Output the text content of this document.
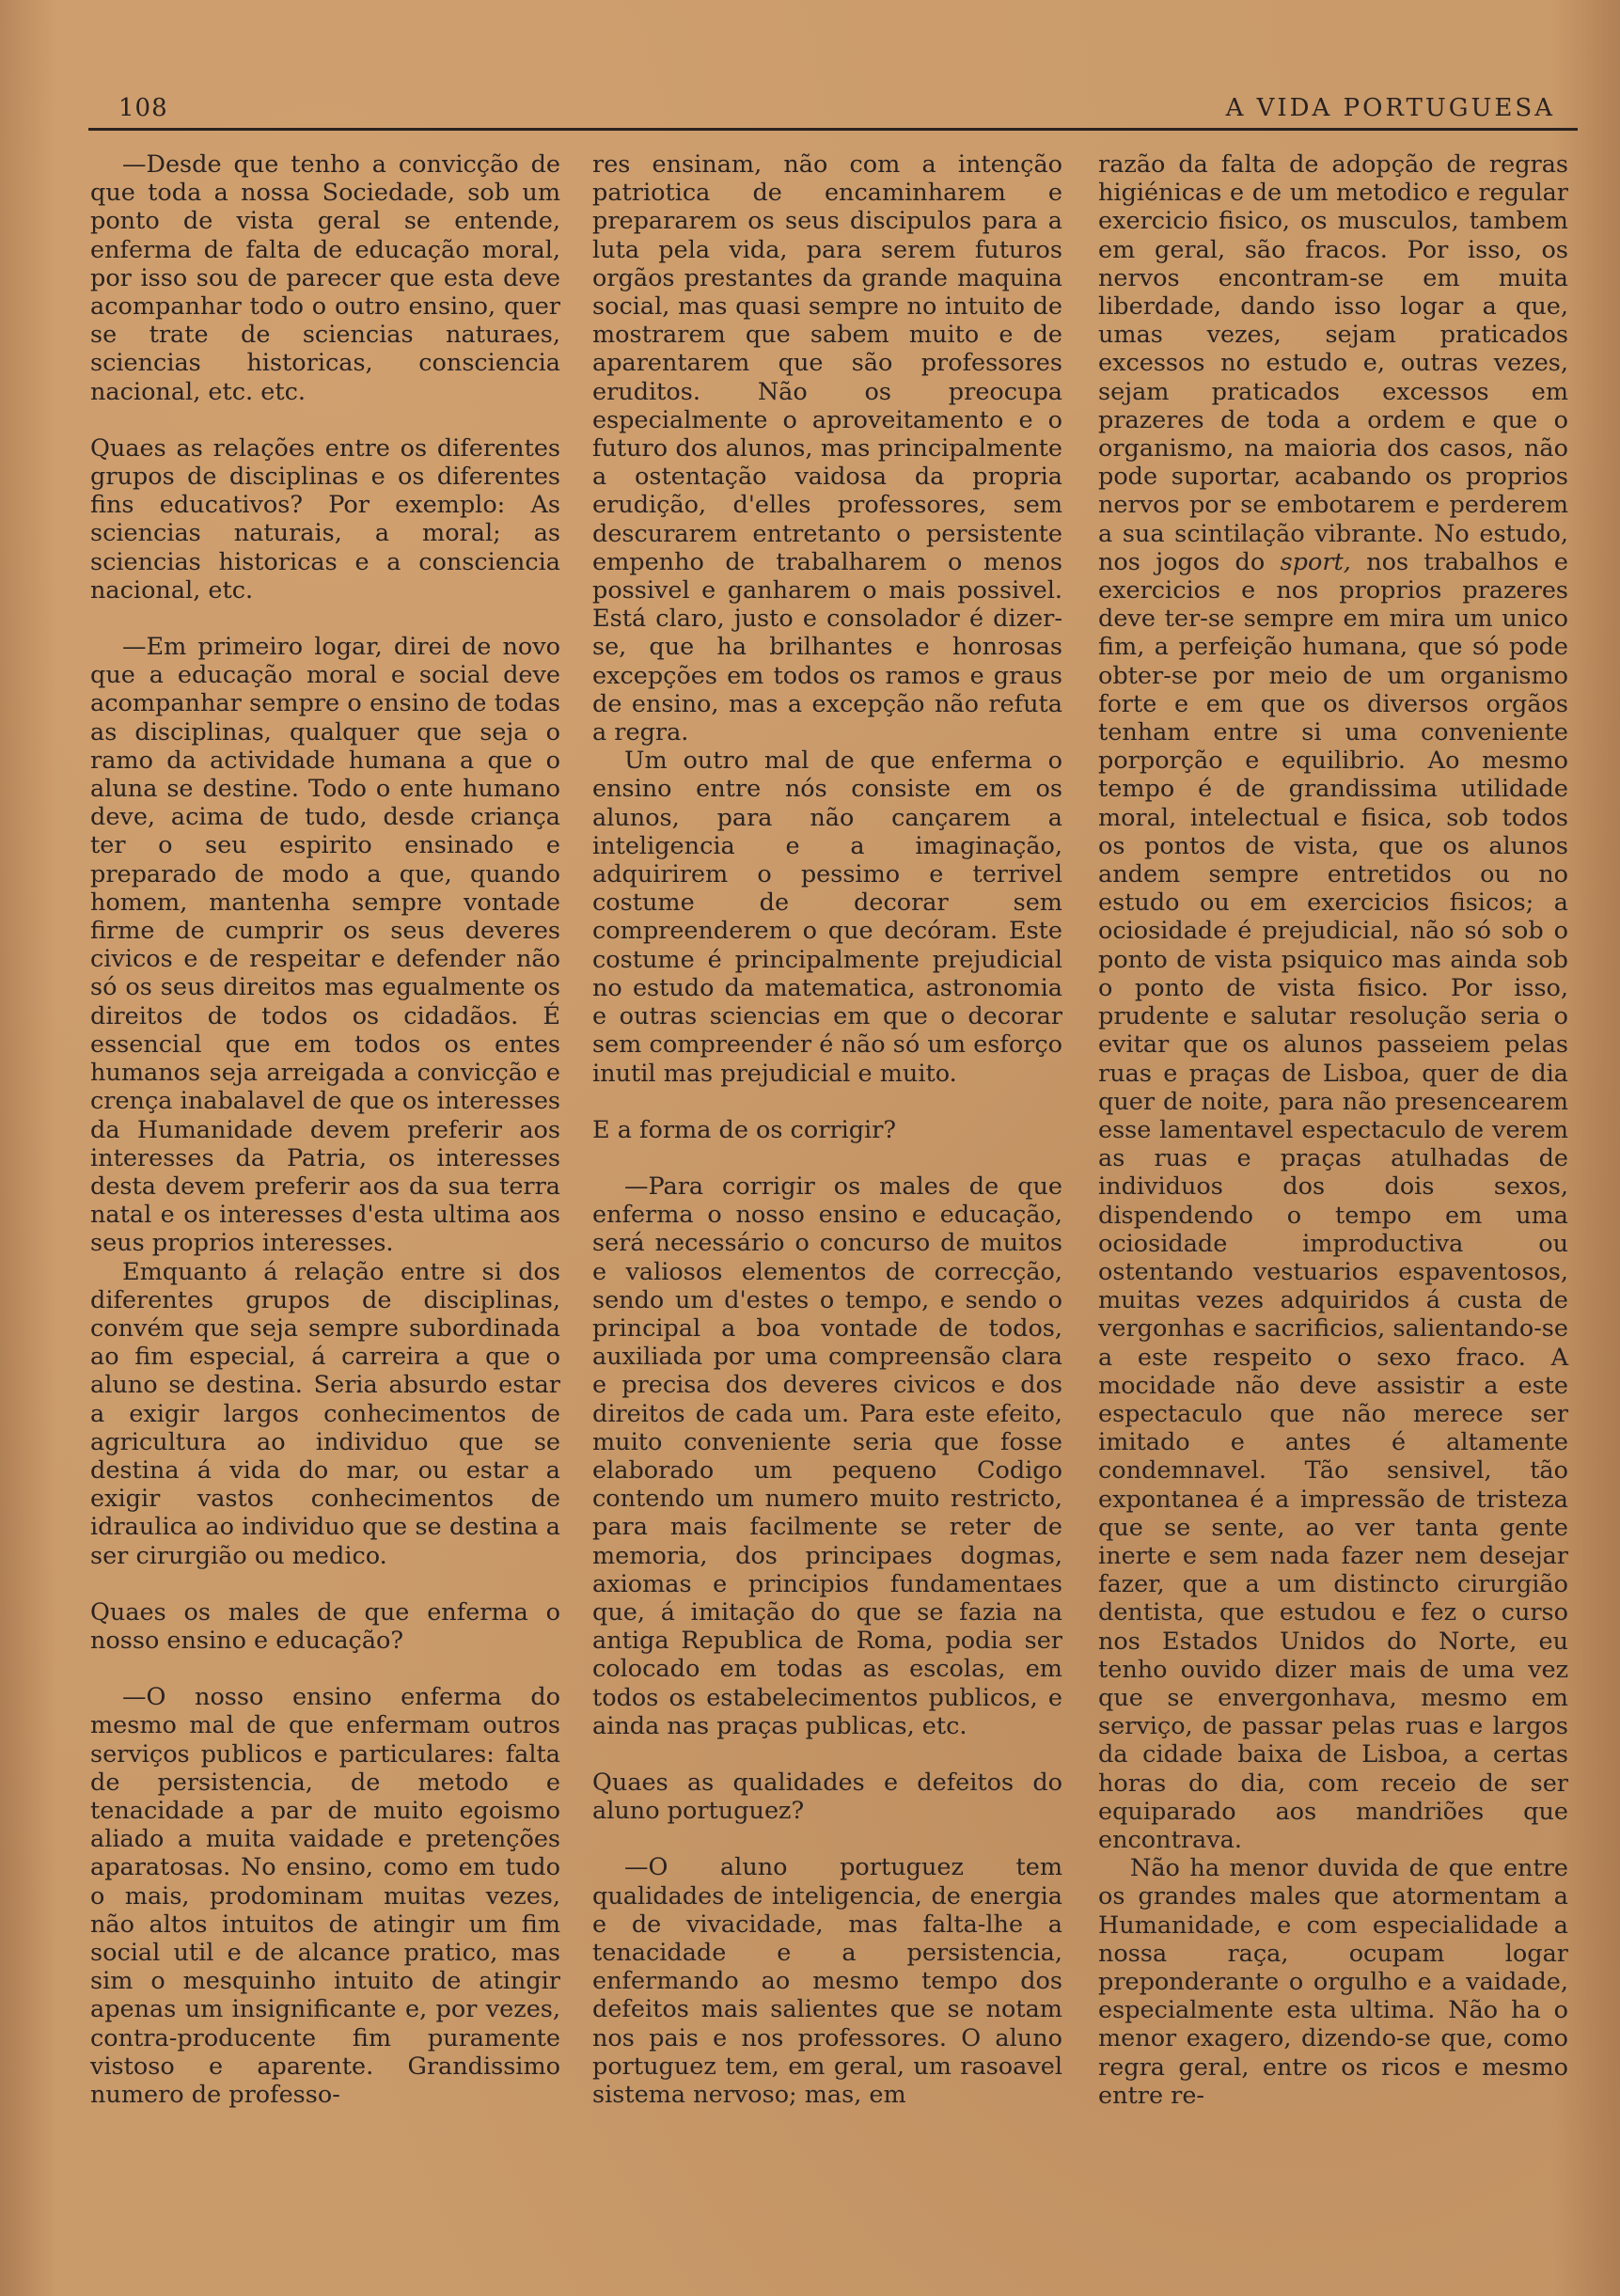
108	A VIDA PORTUGUESA

—Desde que tenho a convicção de que toda a nossa Sociedade, sob um ponto de vista geral se entende, enferma de falta de educação moral, por isso sou de parecer que esta deve acompanhar todo o outro ensino, quer se trate de sciencias naturaes, sciencias historicas, consciencia nacional, etc. etc.

Quaes as relações entre os diferentes grupos de disciplinas e os diferentes fins educativos? Por exemplo: As sciencias naturais, a moral; as sciencias historicas e a consciencia nacional, etc.

—Em primeiro logar, direi de novo que a educação moral e social deve acompanhar sempre o ensino de todas as disciplinas, qualquer que seja o ramo da actividade humana a que o aluna se destine. Todo o ente humano deve, acima de tudo, desde criança ter o seu espirito ensinado e preparado de modo a que, quando homem, mantenha sempre vontade firme de cumprir os seus deveres civicos e de respeitar e defender não só os seus direitos mas egualmente os direitos de todos os cidadãos. É essencial que em todos os entes humanos seja arreigada a convicção e crença inabalavel de que os interesses da Humanidade devem preferir aos interesses da Patria, os interesses desta devem preferir aos da sua terra natal e os interesses d'esta ultima aos seus proprios interesses.

Emquanto á relação entre si dos diferentes grupos de disciplinas, convém que seja sempre subordinada ao fim especial, á carreira a que o aluno se destina. Seria absurdo estar a exigir largos conhecimentos de agricultura ao individuo que se destina á vida do mar, ou estar a exigir vastos conhecimentos de idraulica ao individuo que se destina a ser cirurgião ou medico.

Quaes os males de que enferma o nosso ensino e educação?

—O nosso ensino enferma do mesmo mal de que enfermam outros serviços publicos e particulares: falta de persistencia, de metodo e tenacidade a par de muito egoismo aliado a muita vaidade e pretenções aparatosas. No ensino, como em tudo o mais, prodominam muitas vezes, não altos intuitos de atingir um fim social util e de alcance pratico, mas sim o mesquinho intuito de atingir apenas um insignificante e, por vezes, contra-producente fim puramente vistoso e aparente. Grandissimo numero de professo-

res ensinam, não com a intenção patriotica de encaminharem e prepararem os seus discipulos para a luta pela vida, para serem futuros orgãos prestantes da grande maquina social, mas quasi sempre no intuito de mostrarem que sabem muito e de aparentarem que são professores eruditos. Não os preocupa especialmente o aproveitamento e o futuro dos alunos, mas principalmente a ostentação vaidosa da propria erudição, d'elles professores, sem descurarem entretanto o persistente empenho de trabalharem o menos possivel e ganharem o mais possivel. Está claro, justo e consolador é dizer-se, que ha brilhantes e honrosas excepções em todos os ramos e graus de ensino, mas a excepção não refuta a regra.

Um outro mal de que enferma o ensino entre nós consiste em os alunos, para não cançarem a inteligencia e a imaginação, adquirirem o pessimo e terrivel costume de decorar sem compreenderem o que decóram. Este costume é principalmente prejudicial no estudo da matematica, astronomia e outras sciencias em que o decorar sem compreender é não só um esforço inutil mas prejudicial e muito.

E a forma de os corrigir?

—Para corrigir os males de que enferma o nosso ensino e educação, será necessário o concurso de muitos e valiosos elementos de correcção, sendo um d'estes o tempo, e sendo o principal a boa vontade de todos, auxiliada por uma compreensão clara e precisa dos deveres civicos e dos direitos de cada um. Para este efeito, muito conveniente seria que fosse elaborado um pequeno Codigo contendo um numero muito restricto, para mais facilmente se reter de memoria, dos principaes dogmas, axiomas e principios fundamentaes que, á imitação do que se fazia na antiga Republica de Roma, podia ser colocado em todas as escolas, em todos os estabelecimentos publicos, e ainda nas praças publicas, etc.

Quaes as qualidades e defeitos do aluno portuguez?

—O aluno portuguez tem qualidades de inteligencia, de energia e de vivacidade, mas falta-lhe a tenacidade e a persistencia, enfermando ao mesmo tempo dos defeitos mais salientes que se notam nos pais e nos professores. O aluno portuguez tem, em geral, um rasoavel sistema nervoso; mas, em

razão da falta de adopção de regras higiénicas e de um metodico e regular exercicio fisico, os musculos, tambem em geral, são fracos. Por isso, os nervos encontram-se em muita liberdade, dando isso logar a que, umas vezes, sejam praticados excessos no estudo e, outras vezes, sejam praticados excessos em prazeres de toda a ordem e que o organismo, na maioria dos casos, não pode suportar, acabando os proprios nervos por se embotarem e perderem a sua scintilação vibrante. No estudo, nos jogos do sport, nos trabalhos e exercicios e nos proprios prazeres deve ter-se sempre em mira um unico fim, a perfeição humana, que só pode obter-se por meio de um organismo forte e em que os diversos orgãos tenham entre si uma conveniente porporção e equilibrio. Ao mesmo tempo é de grandissima utilidade moral, intelectual e fisica, sob todos os pontos de vista, que os alunos andem sempre entretidos ou no estudo ou em exercicios fisicos; a ociosidade é prejudicial, não só sob o ponto de vista psiquico mas ainda sob o ponto de vista fisico. Por isso, prudente e salutar resolução seria o evitar que os alunos passeiem pelas ruas e praças de Lisboa, quer de dia quer de noite, para não presencearem esse lamentavel espectaculo de verem as ruas e praças atulhadas de individuos dos dois sexos, dispendendo o tempo em uma ociosidade improductiva ou ostentando vestuarios espaventosos, muitas vezes adquiridos á custa de vergonhas e sacrificios, salientando-se a este respeito o sexo fraco. A mocidade não deve assistir a este espectaculo que não merece ser imitado e antes é altamente condemnavel. Tão sensivel, tão expontanea é a impressão de tristeza que se sente, ao ver tanta gente inerte e sem nada fazer nem desejar fazer, que a um distincto cirurgião dentista, que estudou e fez o curso nos Estados Unidos do Norte, eu tenho ouvido dizer mais de uma vez que se envergonhava, mesmo em serviço, de passar pelas ruas e largos da cidade baixa de Lisboa, a certas horas do dia, com receio de ser equiparado aos mandriões que encontrava.

Não ha menor duvida de que entre os grandes males que atormentam a Humanidade, e com especialidade a nossa raça, ocupam logar preponderante o orgulho e a vaidade, especialmente esta ultima. Não ha o menor exagero, dizendo-se que, como regra geral, entre os ricos e mesmo entre re-
